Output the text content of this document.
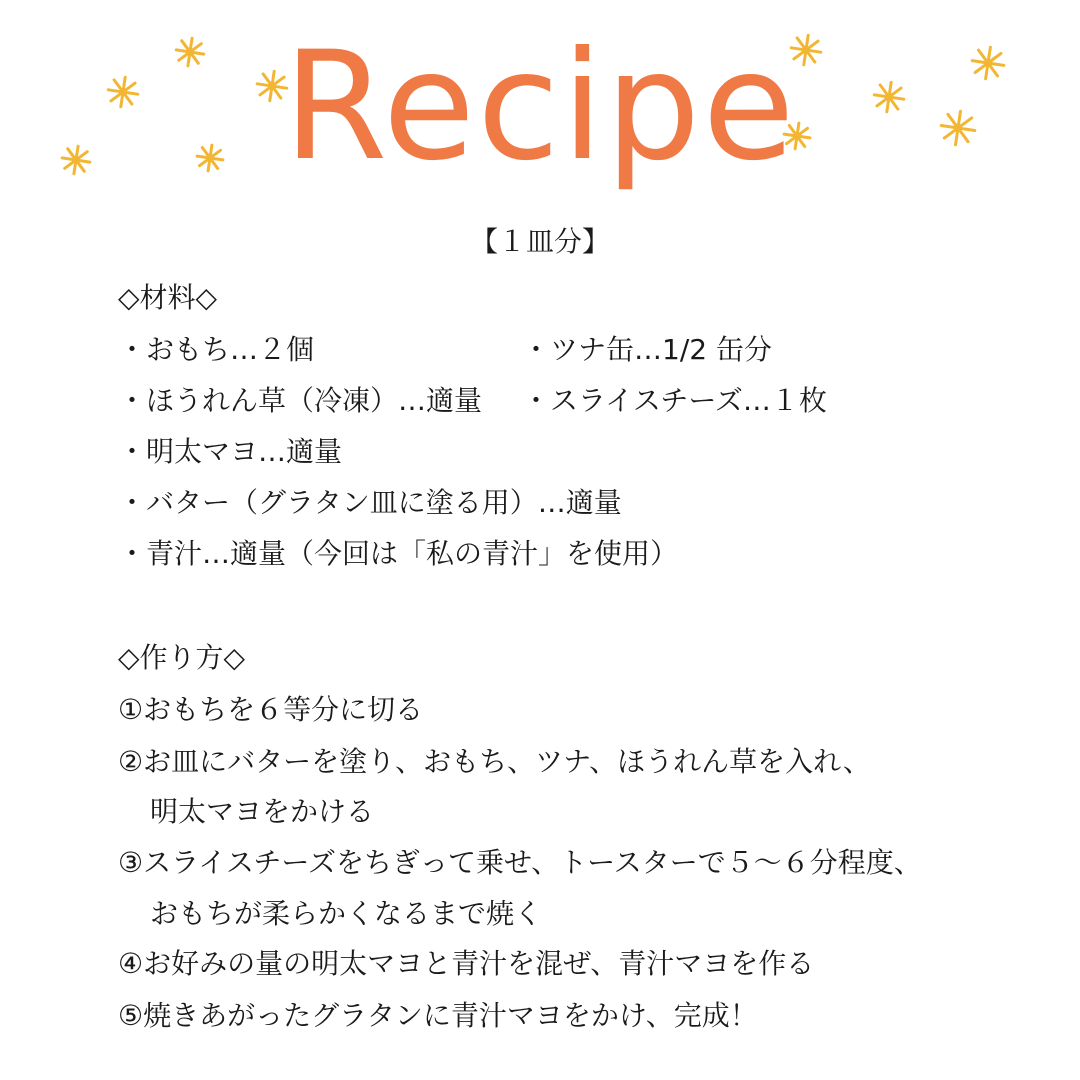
Recipe
【１皿分】
◇材料◇
・おもち…２個	・ツナ缶…1/2 缶分
・ほうれん草（冷凍）…適量 ・スライスチーズ…１枚
・明太マヨ…適量
・バター（グラタン皿に塗る用）…適量
・青汁…適量（今回は「私の青汁」を使用）
◇作り方◇
①おもちを６等分に切る
②お皿にバターを塗り、おもち、ツナ、ほうれん草を入れ、
明太マヨをかける
③スライスチーズをちぎって乗せ、トースターで５～６分程度、
おもちが柔らかくなるまで焼く
④お好みの量の明太マヨと青汁を混ぜ、青汁マヨを作る
⑤焼きあがったグラタンに青汁マヨをかけ、完成！
